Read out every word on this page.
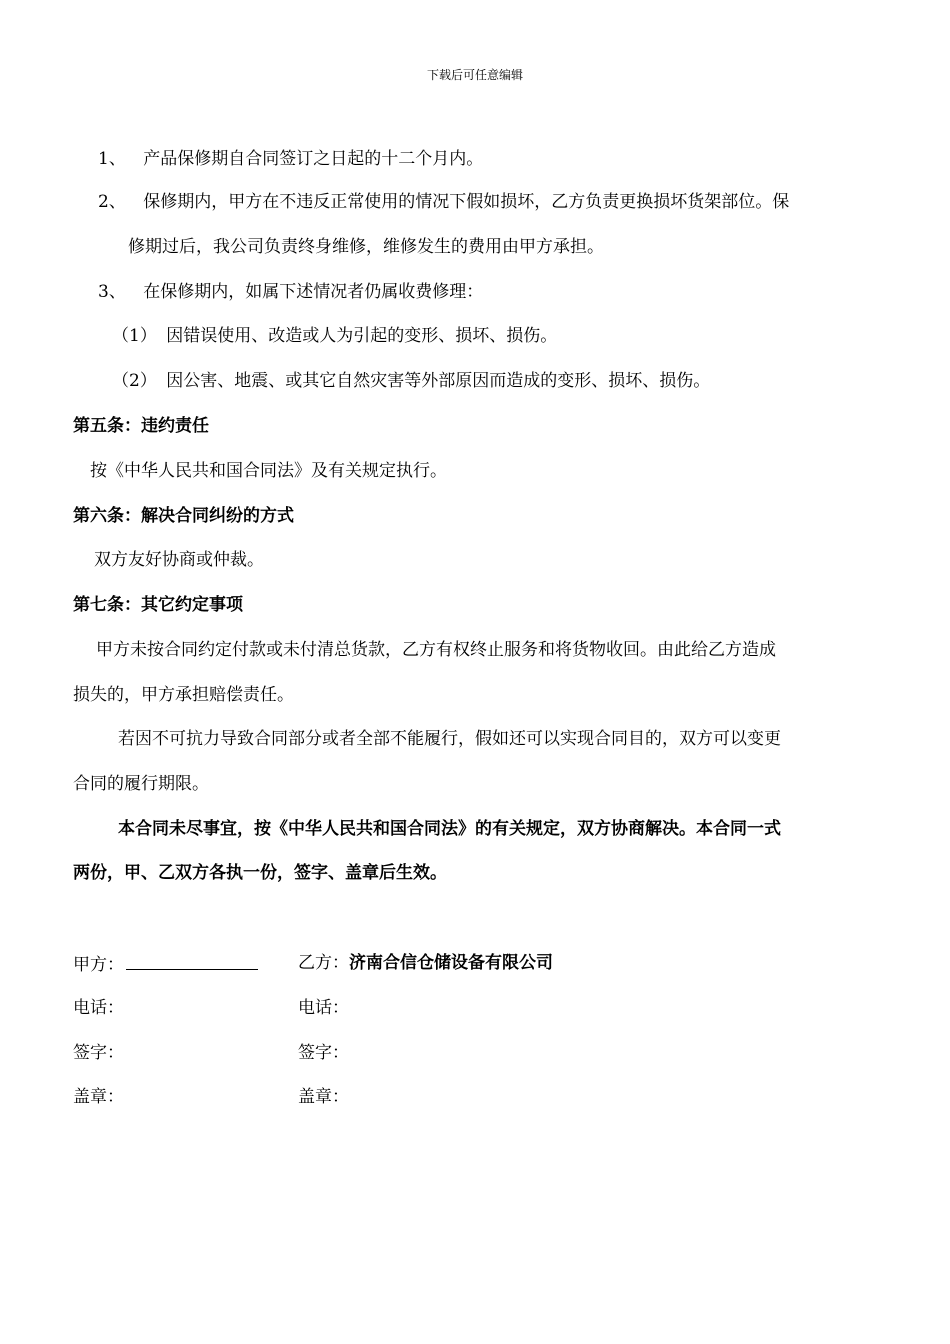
下载后可任意编辑
1、 产品保修期自合同签订之日起的十二个月内。
2、 保修期内，甲方在不违反正常使用的情况下假如损坏，乙方负责更换损坏货架部位。保
修期过后，我公司负责终身维修，维修发生的费用由甲方承担。
3、 在保修期内，如属下述情况者仍属收费修理：
（1） 因错误使用、改造或人为引起的变形、损坏、损伤。
（2） 因公害、地震、或其它自然灾害等外部原因而造成的变形、损坏、损伤。
第五条：违约责任
按《中华人民共和国合同法》及有关规定执行。
第六条：解决合同纠纷的方式
双方友好协商或仲裁。
第七条：其它约定事项
甲方未按合同约定付款或未付清总货款，乙方有权终止服务和将货物收回。由此给乙方造成
损失的，甲方承担赔偿责任。
若因不可抗力导致合同部分或者全部不能履行，假如还可以实现合同目的，双方可以变更
合同的履行期限。
本合同未尽事宜，按《中华人民共和国合同法》的有关规定，双方协商解决。本合同一式
两份，甲、乙双方各执一份，签字、盖章后生效。
甲方：	乙方：济南合信仓储设备有限公司
电话：	电话：
签字：	签字：
盖章：	盖章：
